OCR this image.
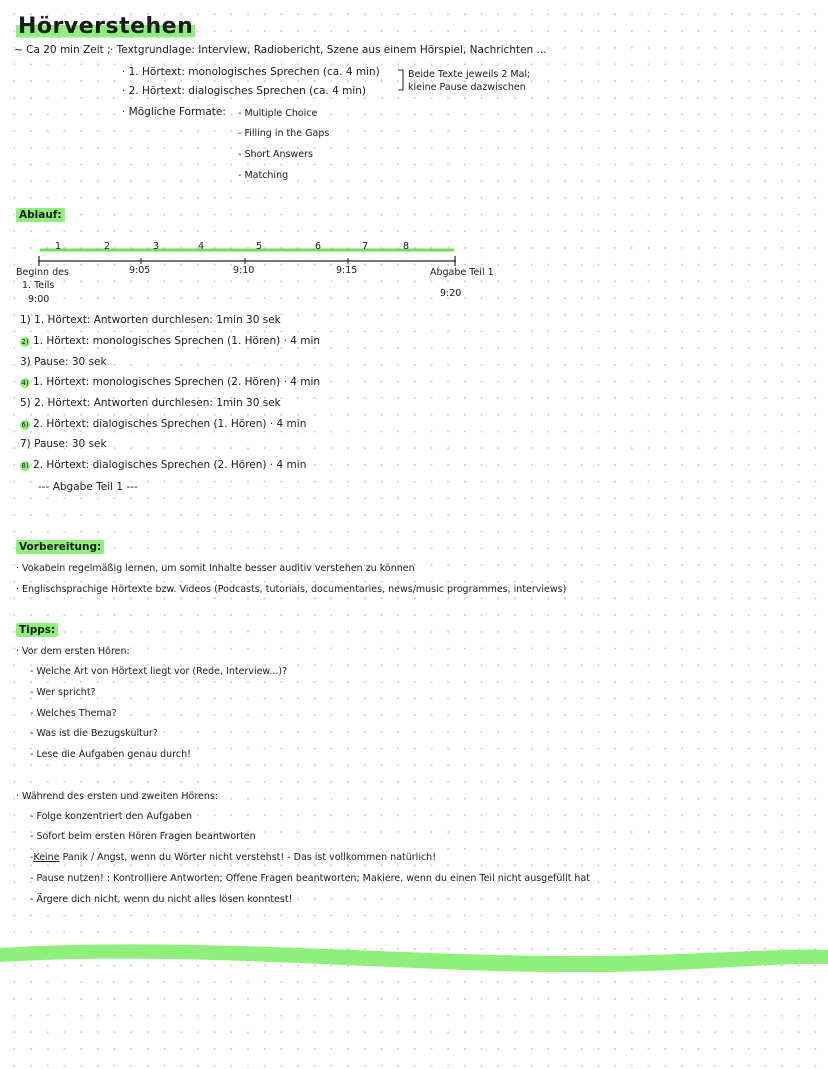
Hörverstehen
~ Ca 20 min Zeit ; · Textgrundlage: Interview, Radiobericht, Szene aus einem Hörspiel, Nachrichten ...
· 1. Hörtext: monologisches Sprechen (ca. 4 min)
· 2. Hörtext: dialogisches Sprechen (ca. 4 min)
Beide Texte jeweils 2 Mal;
kleine Pause dazwischen
· Mögliche Formate: - Multiple Choice
- Filling in the Gaps
- Short Answers
- Matching
Ablauf:
1	2	3	4	5	6	7	8
Beginn des
1. Teils
9:00
9:05	9:10	9:15	Abgabe Teil 1
9:20
1) 1. Hörtext: Antworten durchlesen: 1min 30 sek
2) 1. Hörtext: monologisches Sprechen (1. Hören) · 4 min
3) Pause: 30 sek
4) 1. Hörtext: monologisches Sprechen (2. Hören) · 4 min
5) 2. Hörtext: Antworten durchlesen: 1min 30 sek
6) 2. Hörtext: dialogisches Sprechen (1. Hören) · 4 min
7) Pause: 30 sek
8) 2. Hörtext: dialogisches Sprechen (2. Hören) · 4 min
--- Abgabe Teil 1 ---
Vorbereitung:
· Vokabeln regelmäßig lernen, um somit Inhalte besser auditiv verstehen zu können
· Englischsprachige Hörtexte bzw. Videos (Podcasts, tutorials, documentaries, news/music programmes, interviews)
Tipps:
· Vor dem ersten Hören:
- Welche Art von Hörtext liegt vor (Rede, Interview...)?
- Wer spricht?
- Welches Thema?
- Was ist die Bezugskultur?
- Lese die Aufgaben genau durch!
· Während des ersten und zweiten Hörens:
- Folge konzentriert den Aufgaben
- Sofort beim ersten Hören Fragen beantworten
-Keine Panik / Angst, wenn du Wörter nicht verstehst! - Das ist vollkommen natürlich!
- Pause nutzen! : Kontrolliere Antworten; Offene Fragen beantworten; Makiere, wenn du einen Teil nicht ausgefüllt hat
- Ärgere dich nicht, wenn du nicht alles lösen konntest!
